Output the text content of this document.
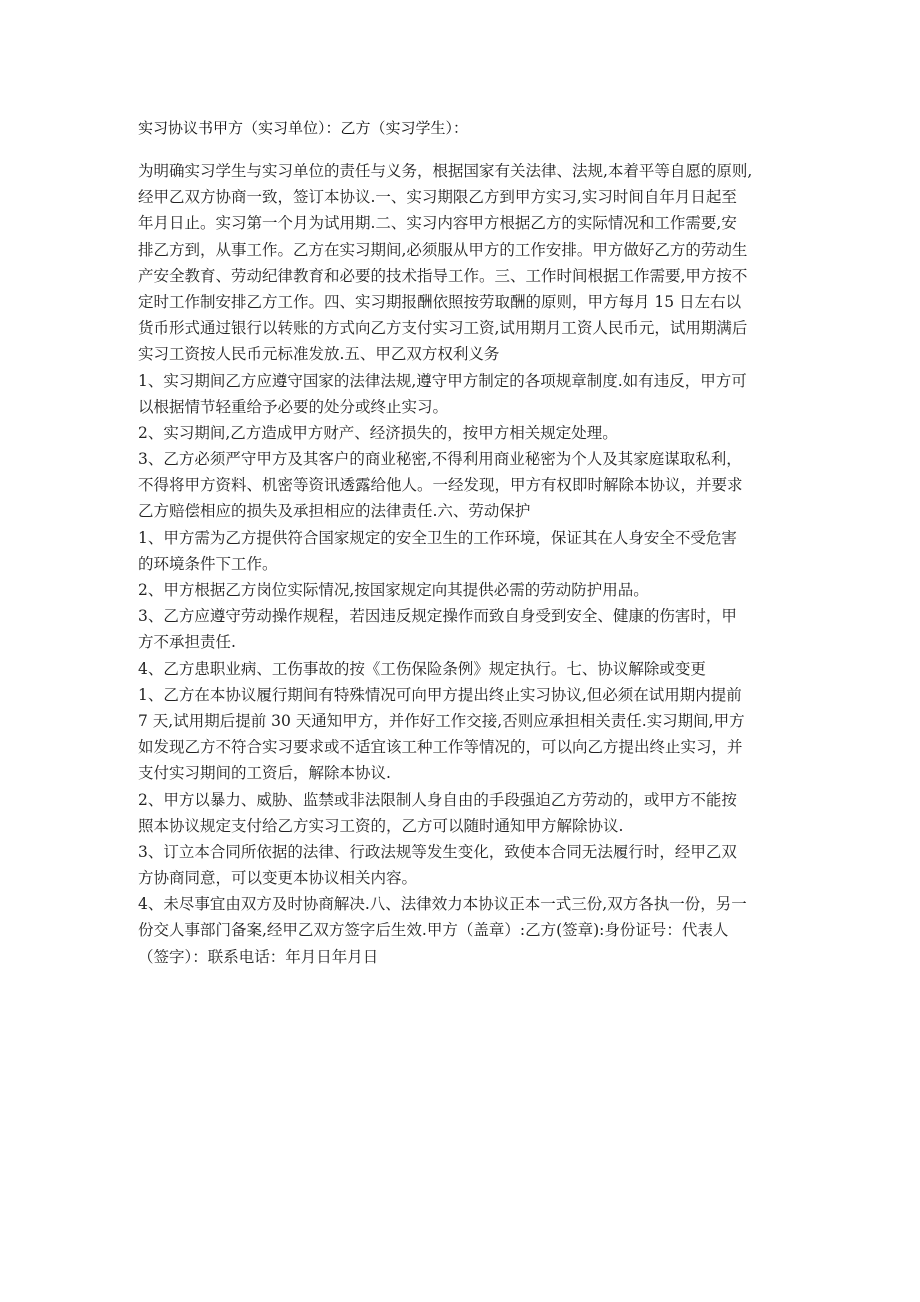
实习协议书甲方（实习单位）：乙方（实习学生）：
为明确实习学生与实习单位的责任与义务，根据国家有关法律、法规,本着平等自愿的原则,
经甲乙双方协商一致，签订本协议.一、实习期限乙方到甲方实习,实习时间自年月日起至
年月日止。实习第一个月为试用期.二、实习内容甲方根据乙方的实际情况和工作需要,安
排乙方到，从事工作。乙方在实习期间,必须服从甲方的工作安排。甲方做好乙方的劳动生
产安全教育、劳动纪律教育和必要的技术指导工作。三、工作时间根据工作需要,甲方按不
定时工作制安排乙方工作。四、实习期报酬依照按劳取酬的原则，甲方每月 15 日左右以
货币形式通过银行以转账的方式向乙方支付实习工资,试用期月工资人民币元，试用期满后
实习工资按人民币元标准发放.五、甲乙双方权利义务
1、实习期间乙方应遵守国家的法律法规,遵守甲方制定的各项规章制度.如有违反，甲方可
以根据情节轻重给予必要的处分或终止实习。
2、实习期间,乙方造成甲方财产、经济损失的，按甲方相关规定处理。
3、乙方必须严守甲方及其客户的商业秘密,不得利用商业秘密为个人及其家庭谋取私利，
不得将甲方资料、机密等资讯透露给他人。一经发现，甲方有权即时解除本协议，并要求
乙方赔偿相应的损失及承担相应的法律责任.六、劳动保护
1、甲方需为乙方提供符合国家规定的安全卫生的工作环境，保证其在人身安全不受危害
的环境条件下工作。
2、甲方根据乙方岗位实际情况,按国家规定向其提供必需的劳动防护用品。
3、乙方应遵守劳动操作规程，若因违反规定操作而致自身受到安全、健康的伤害时，甲
方不承担责任.
4、乙方患职业病、工伤事故的按《工伤保险条例》规定执行。七、协议解除或变更
1、乙方在本协议履行期间有特殊情况可向甲方提出终止实习协议,但必须在试用期内提前
7 天,试用期后提前 30 天通知甲方，并作好工作交接,否则应承担相关责任.实习期间,甲方
如发现乙方不符合实习要求或不适宜该工种工作等情况的，可以向乙方提出终止实习，并
支付实习期间的工资后，解除本协议.
2、甲方以暴力、威胁、监禁或非法限制人身自由的手段强迫乙方劳动的，或甲方不能按
照本协议规定支付给乙方实习工资的，乙方可以随时通知甲方解除协议.
3、订立本合同所依据的法律、行政法规等发生变化，致使本合同无法履行时，经甲乙双
方协商同意，可以变更本协议相关内容。
4、未尽事宜由双方及时协商解决.八、法律效力本协议正本一式三份,双方各执一份，另一
份交人事部门备案,经甲乙双方签字后生效.甲方（盖章）:乙方(签章):身份证号：代表人
（签字）：联系电话：年月日年月日
